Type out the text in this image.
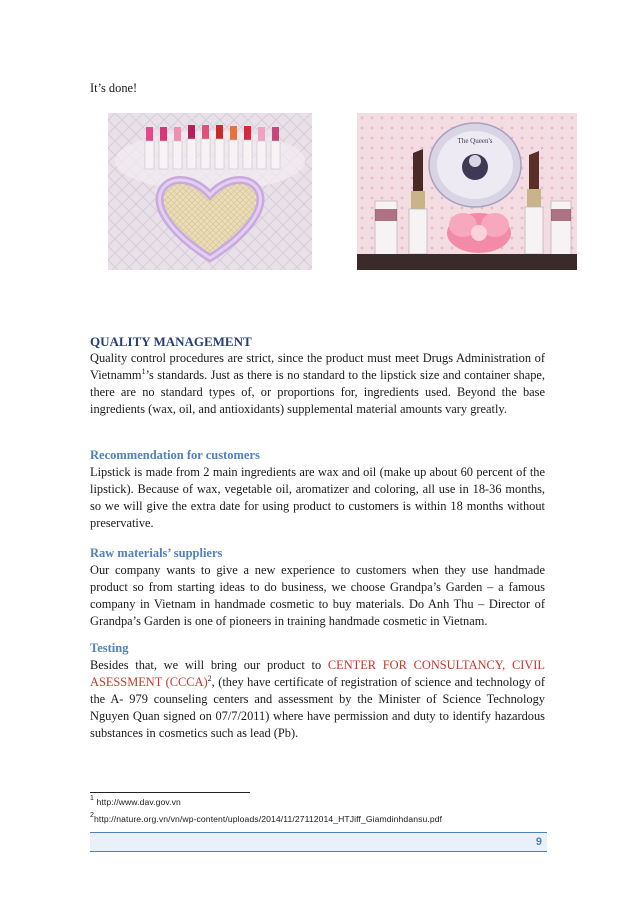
It’s done!
The Queen's
QUALITY MANAGEMENT

Quality control procedures are strict, since the product must meet Drugs Administration of Vietnamm$^1$’s standards. Just as there is no standard to the lipstick size and container shape, there are no standard types of, or proportions for, ingredients used. Beyond the base ingredients (wax, oil, and antioxidants) supplemental material amounts vary greatly.

Recommendation for customers

Lipstick is made from 2 main ingredients are wax and oil (make up about 60 percent of the lipstick). Because of wax, vegetable oil, aromatizer and coloring, all use in 18-36 months, so we will give the extra date for using product to customers is within 18 months without preservative.

Raw materials’ suppliers

Our company wants to give a new experience to customers when they use handmade product so from starting ideas to do business, we choose Grandpa’s Garden – a famous company in Vietnam in handmade cosmetic to buy materials. Do Anh Thu – Director of Grandpa’s Garden is one of pioneers in training handmade cosmetic in Vietnam.

Testing

Besides that, we will bring our product to CENTER FOR CONSULTANCY, CIVIL ASESSMENT (CCCA)$^2$, (they have certificate of registration of science and technology of the A- 979 counseling centers and assessment by the Minister of Science Technology Nguyen Quan signed on 07/7/2011) where have permission and duty to identify hazardous substances in cosmetics such as lead (Pb).

$^1$ http://www.dav.gov.vn
$^2$http://nature.org.vn/vn/wp-content/uploads/2014/11/27112014_HTJiff_Giamdinhdansu.pdf
9
